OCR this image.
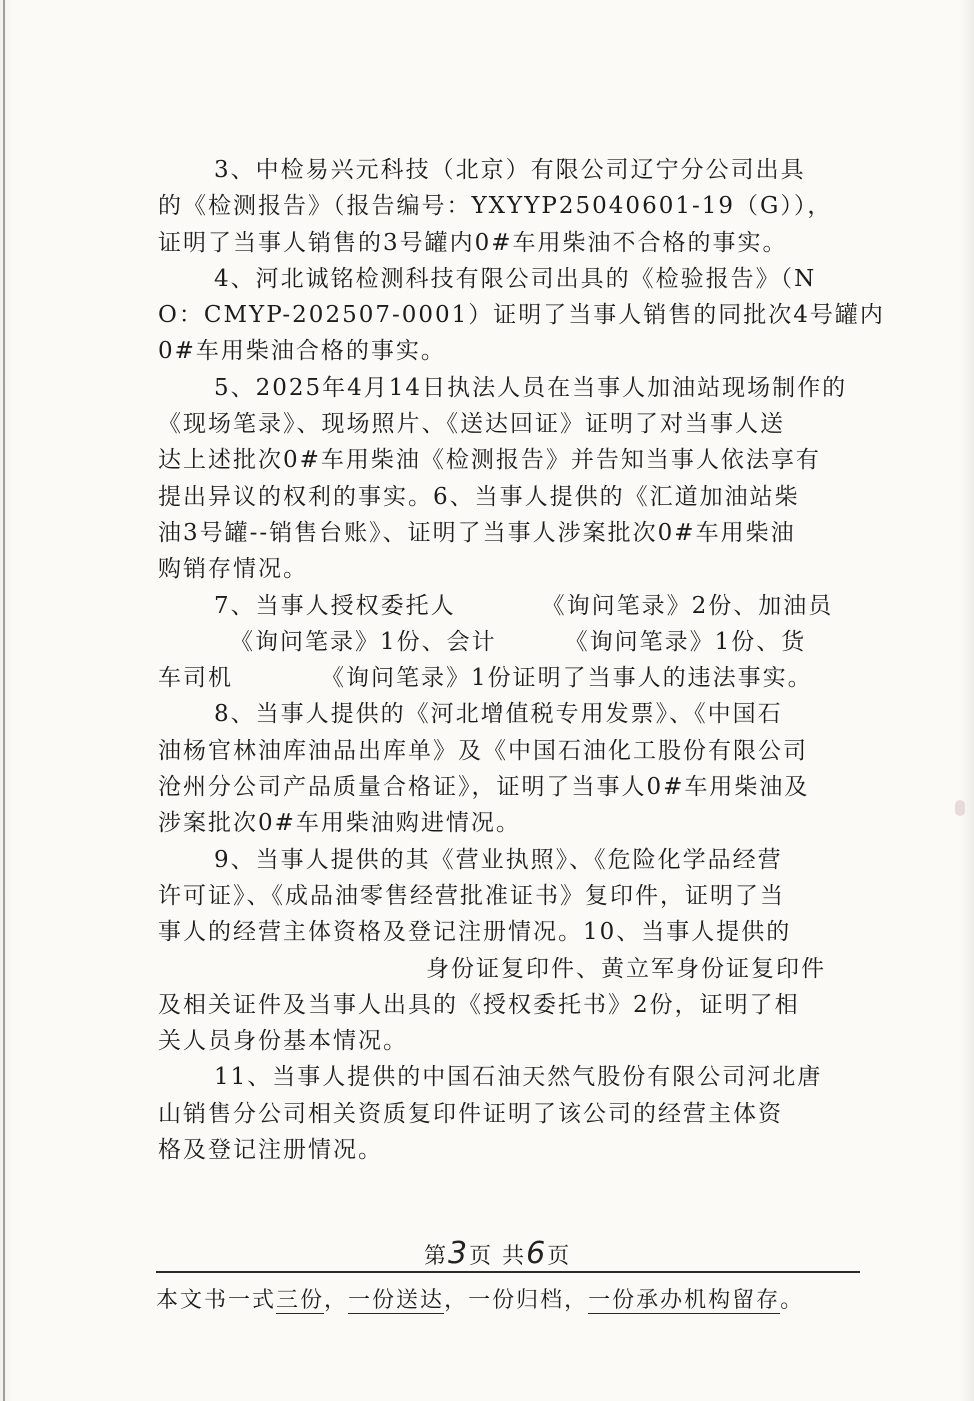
3、中检易兴元科技（北京）有限公司辽宁分公司出具
的《检测报告》（报告编号：YXYYP25040601-19（G）），
证明了当事人销售的3号罐内0#车用柴油不合格的事实。
4、河北诚铭检测科技有限公司出具的《检验报告》（N
O：CMYP-202507-0001）证明了当事人销售的同批次4号罐内
0#车用柴油合格的事实。
5、2025年4月14日执法人员在当事人加油站现场制作的
《现场笔录》、现场照片、《送达回证》证明了对当事人送
达上述批次0#车用柴油《检测报告》并告知当事人依法享有
提出异议的权利的事实。6、当事人提供的《汇道加油站柴
油3号罐--销售台账》、证明了当事人涉案批次0#车用柴油
购销存情况。
7、当事人授权委托人	《询问笔录》2份、加油员
《询问笔录》1份、会计	《询问笔录》1份、货
车司机	《询问笔录》1份证明了当事人的违法事实。
8、当事人提供的《河北增值税专用发票》、《中国石
油杨官林油库油品出库单》及《中国石油化工股份有限公司
沧州分公司产品质量合格证》，证明了当事人0#车用柴油及
涉案批次0#车用柴油购进情况。
9、当事人提供的其《营业执照》、《危险化学品经营
许可证》、《成品油零售经营批准证书》复印件，证明了当
事人的经营主体资格及登记注册情况。10、当事人提供的
身份证复印件、黄立军身份证复印件
及相关证件及当事人出具的《授权委托书》2份，证明了相
关人员身份基本情况。
11、当事人提供的中国石油天然气股份有限公司河北唐
山销售分公司相关资质复印件证明了该公司的经营主体资
格及登记注册情况。
第3页 共6页
本文书一式三份，一份送达，一份归档，一份承办机构留存。
